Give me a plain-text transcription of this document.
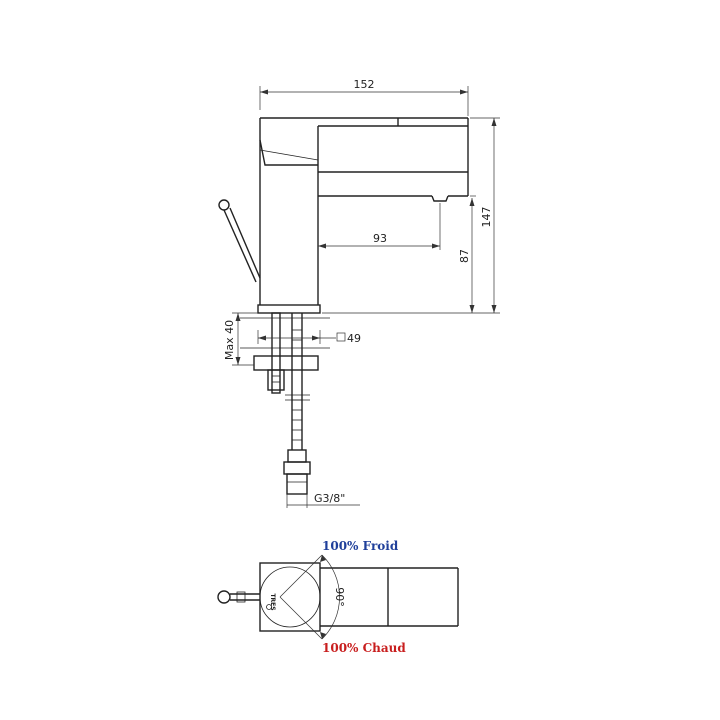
152
147
87
93
Max 40	49
G3/8"
90°
TRES
100% Froid
100% Chaud
